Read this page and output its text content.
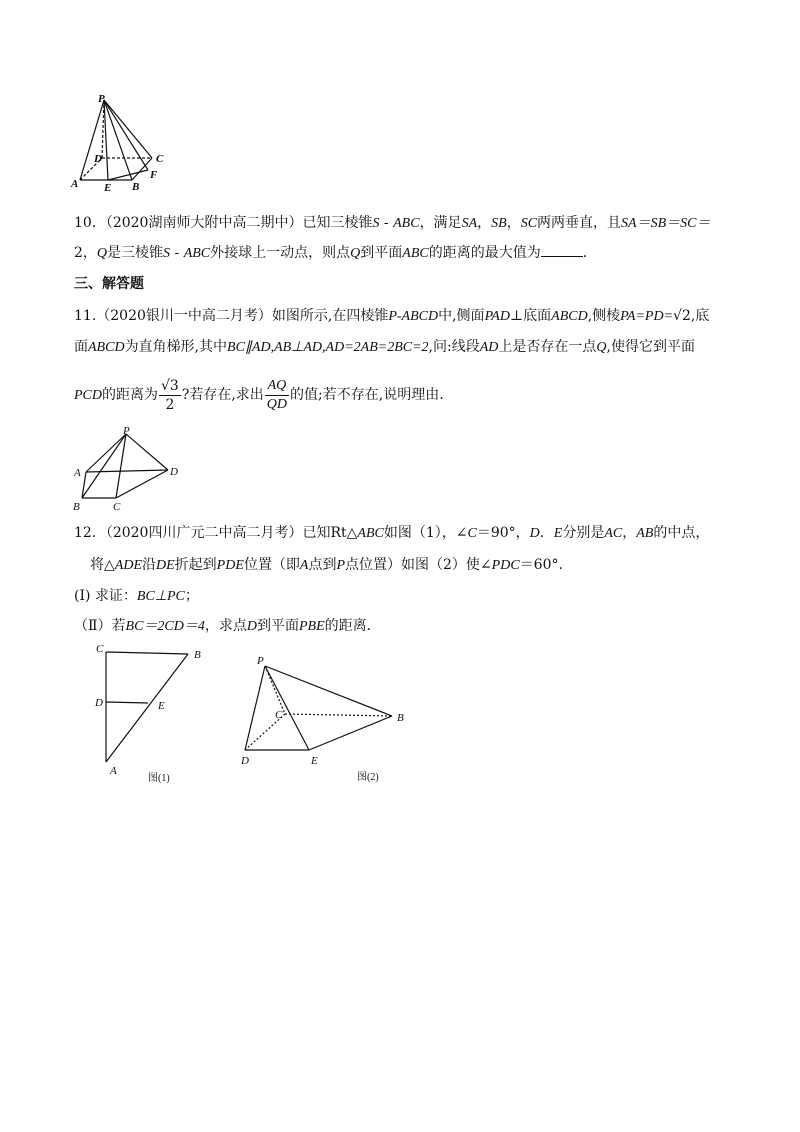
P
D	C
A E B
F
10．（2020湖南师大附中高二期中）已知三棱锥S - ABC，满足SA，SB，SC两两垂直，且SA＝SB＝SC＝
2，Q是三棱锥S - ABC外接球上一动点，则点Q到平面ABC的距离的最大值为	．
三、解答题
11.（2020银川一中高二月考）如图所示,在四棱锥P-ABCD中,侧面PAD⊥底面ABCD,侧棱PA=PD=√2,底
面ABCD为直角梯形,其中BC∥AD,AB⊥AD,AD=2AB=2BC=2,问:线段AD上是否存在一点Q,使得它到平面
PCD的距离为 $\frac{√3}{2}$ ?若存在,求出 $\frac{AQ}{QD}$ 的值;若不存在,说明理由.
P
A	D
B	C
12．（2020四川广元二中高二月考）已知Rt△ABC如图（1），∠C＝90°，D．E分别是AC，AB的中点，
将△ADE沿DE折起到PDE位置（即A点到P点位置）如图（2）使∠PDC＝60°.
(Ⅰ) 求证：BC⊥PC；
（Ⅱ）若BC＝2CD＝4，求点D到平面PBE的距离．
C	B
D	E
A
图(1)
P
C	B
D	E
图(2)
